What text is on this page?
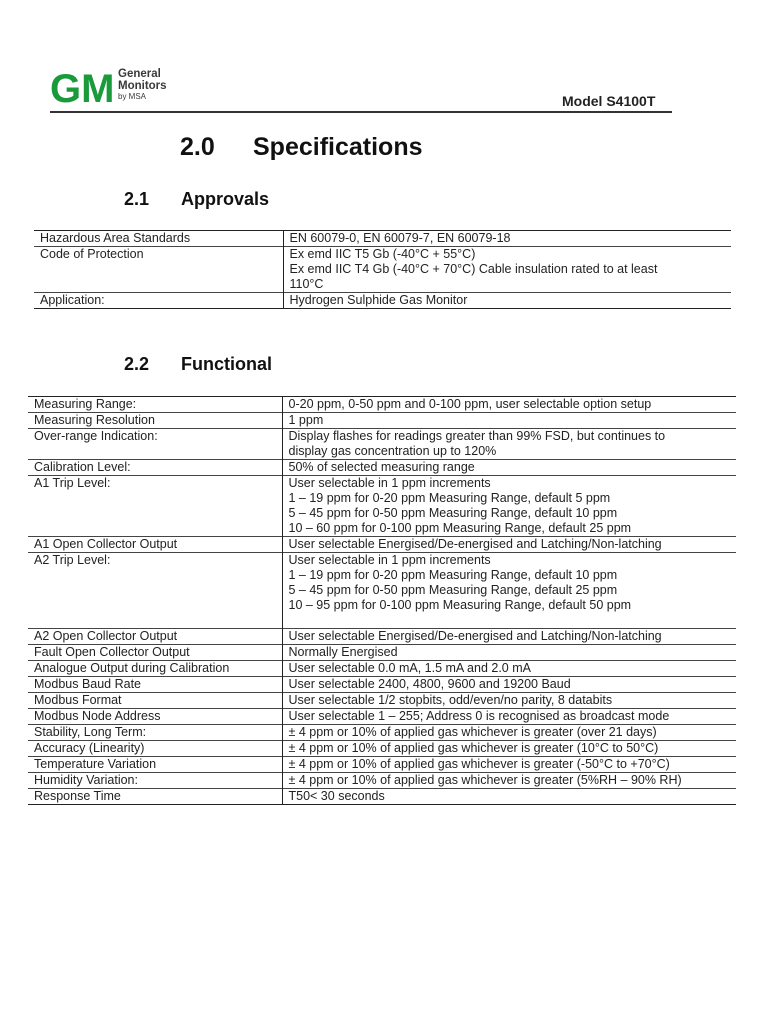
GM General
Monitors
by MSA	Model S4100T
2.0 Specifications
2.1 Approvals
Hazardous Area Standards	EN 60079-0, EN 60079-7, EN 60079-18

Code of Protection	Ex emd IIC T5 Gb (-40°C + 55°C)
Ex emd IIC T4 Gb (-40°C + 70°C) Cable insulation rated to at least
110°C

Application:	Hydrogen Sulphide Gas Monitor
2.2 Functional
Measuring Range:	0-20 ppm, 0-50 ppm and 0-100 ppm, user selectable option setup

Measuring Resolution	1 ppm

Over-range Indication:	Display flashes for readings greater than 99% FSD, but continues to
display gas concentration up to 120%

Calibration Level:	50% of selected measuring range

A1 Trip Level:	User selectable in 1 ppm increments
1 – 19 ppm for 0-20 ppm Measuring Range, default 5 ppm
5 – 45 ppm for 0-50 ppm Measuring Range, default 10 ppm
10 – 60 ppm for 0-100 ppm Measuring Range, default 25 ppm

A1 Open Collector Output	User selectable Energised/De-energised and Latching/Non-latching

A2 Trip Level:	User selectable in 1 ppm increments
1 – 19 ppm for 0-20 ppm Measuring Range, default 10 ppm
5 – 45 ppm for 0-50 ppm Measuring Range, default 25 ppm
10 – 95 ppm for 0-100 ppm Measuring Range, default 50 ppm

A2 Open Collector Output	User selectable Energised/De-energised and Latching/Non-latching

Fault Open Collector Output	Normally Energised

Analogue Output during Calibration	User selectable 0.0 mA, 1.5 mA and 2.0 mA

Modbus Baud Rate	User selectable 2400, 4800, 9600 and 19200 Baud

Modbus Format	User selectable 1/2 stopbits, odd/even/no parity, 8 databits

Modbus Node Address	User selectable 1 – 255; Address 0 is recognised as broadcast mode

Stability, Long Term:	± 4 ppm or 10% of applied gas whichever is greater (over 21 days)

Accuracy (Linearity)	± 4 ppm or 10% of applied gas whichever is greater (10°C to 50°C)

Temperature Variation	± 4 ppm or 10% of applied gas whichever is greater (-50°C to +70°C)

Humidity Variation:	± 4 ppm or 10% of applied gas whichever is greater (5%RH – 90% RH)

Response Time	T50< 30 seconds
